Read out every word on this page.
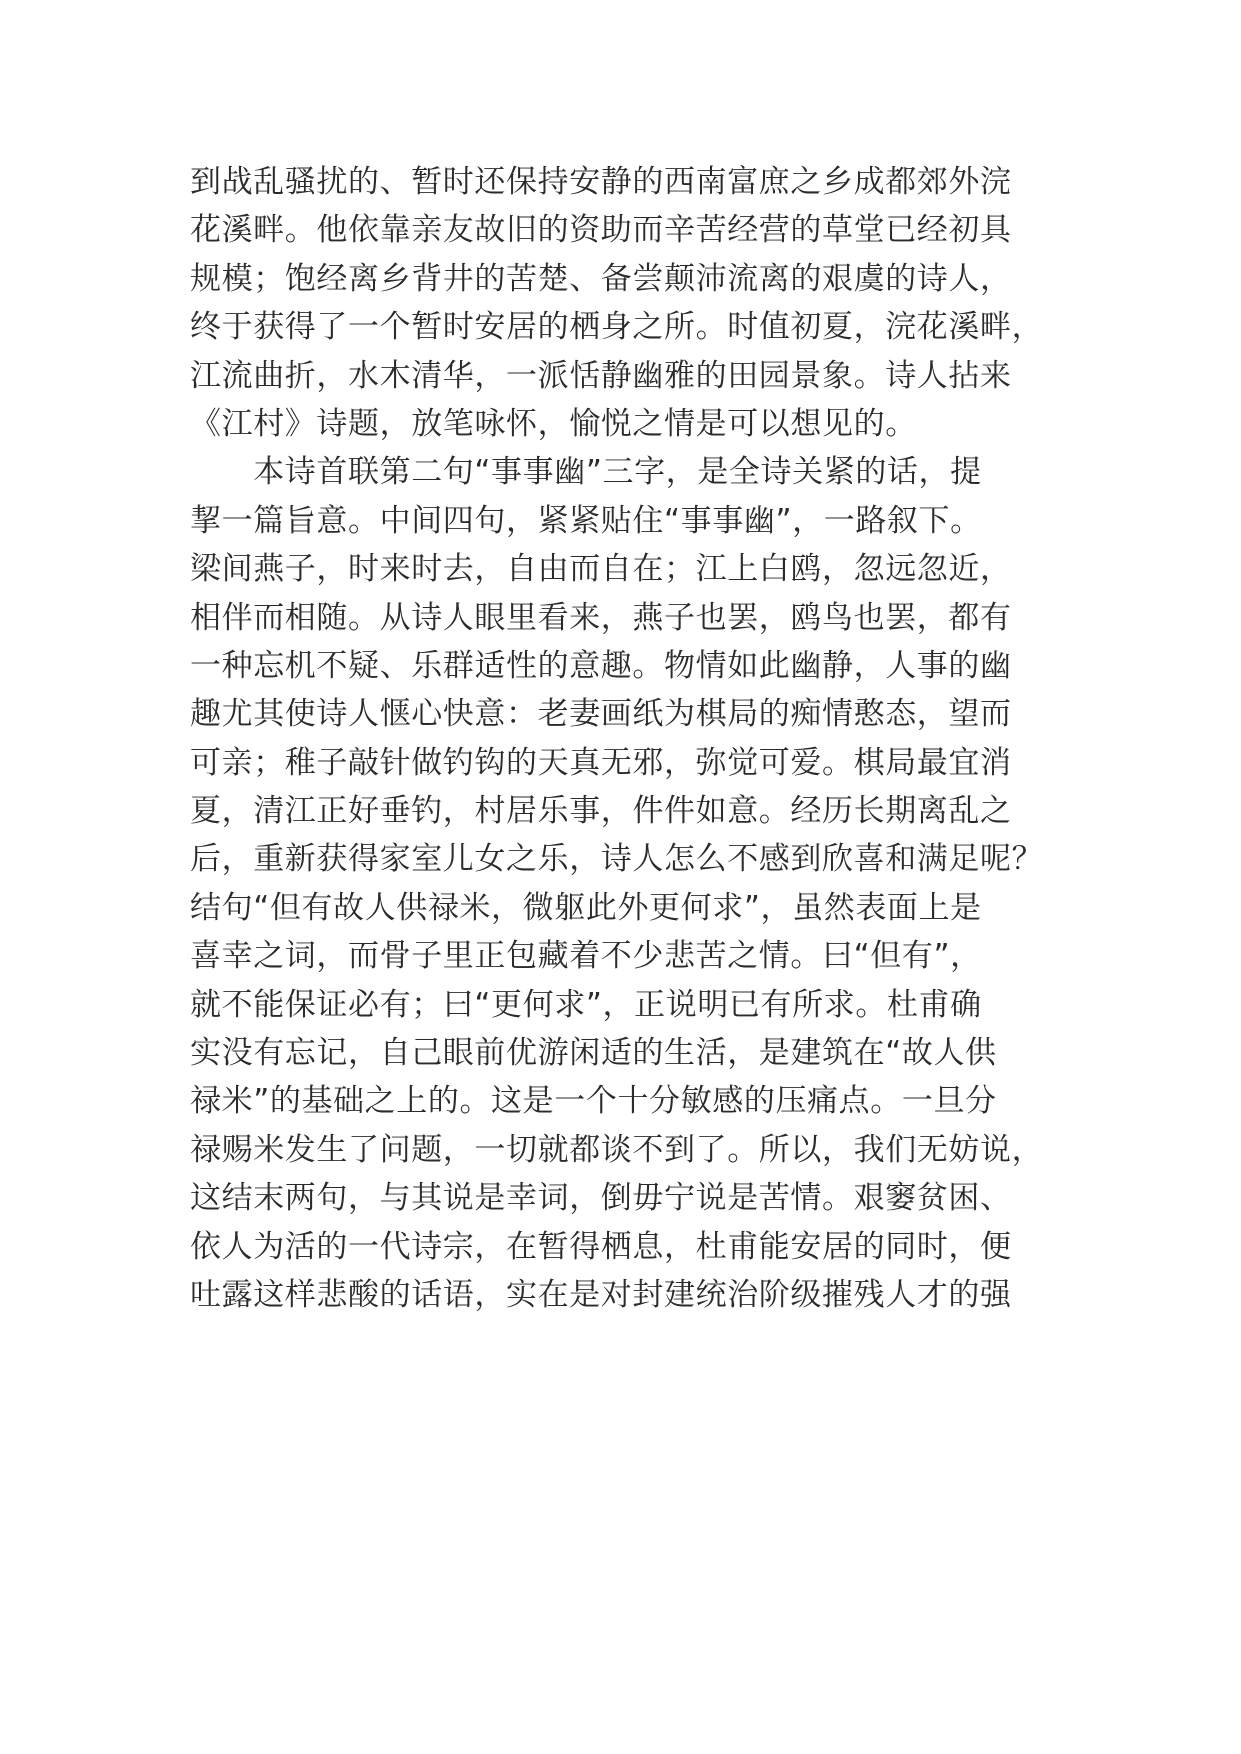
到战乱骚扰的、暂时还保持安静的西南富庶之乡成都郊外浣
花溪畔。他依靠亲友故旧的资助而辛苦经营的草堂已经初具
规模；饱经离乡背井的苦楚、备尝颠沛流离的艰虞的诗人，
终于获得了一个暂时安居的栖身之所。时值初夏，浣花溪畔，
江流曲折，水木清华，一派恬静幽雅的田园景象。诗人拈来
《江村》诗题，放笔咏怀，愉悦之情是可以想见的。
　　本诗首联第二句“事事幽”三字，是全诗关紧的话，提
挈一篇旨意。中间四句，紧紧贴住“事事幽”，一路叙下。
梁间燕子，时来时去，自由而自在；江上白鸥，忽远忽近，
相伴而相随。从诗人眼里看来，燕子也罢，鸥鸟也罢，都有
一种忘机不疑、乐群适性的意趣。物情如此幽静，人事的幽
趣尤其使诗人惬心快意：老妻画纸为棋局的痴情憨态，望而
可亲；稚子敲针做钓钩的天真无邪，弥觉可爱。棋局最宜消
夏，清江正好垂钓，村居乐事，件件如意。经历长期离乱之
后，重新获得家室儿女之乐，诗人怎么不感到欣喜和满足呢？
结句“但有故人供禄米，微躯此外更何求”，虽然表面上是
喜幸之词，而骨子里正包藏着不少悲苦之情。曰“但有”，
就不能保证必有；曰“更何求”，正说明已有所求。杜甫确
实没有忘记，自己眼前优游闲适的生活，是建筑在“故人供
禄米”的基础之上的。这是一个十分敏感的压痛点。一旦分
禄赐米发生了问题，一切就都谈不到了。所以，我们无妨说，
这结末两句，与其说是幸词，倒毋宁说是苦情。艰窭贫困、
依人为活的一代诗宗，在暂得栖息，杜甫能安居的同时，便
吐露这样悲酸的话语，实在是对封建统治阶级摧残人才的强
